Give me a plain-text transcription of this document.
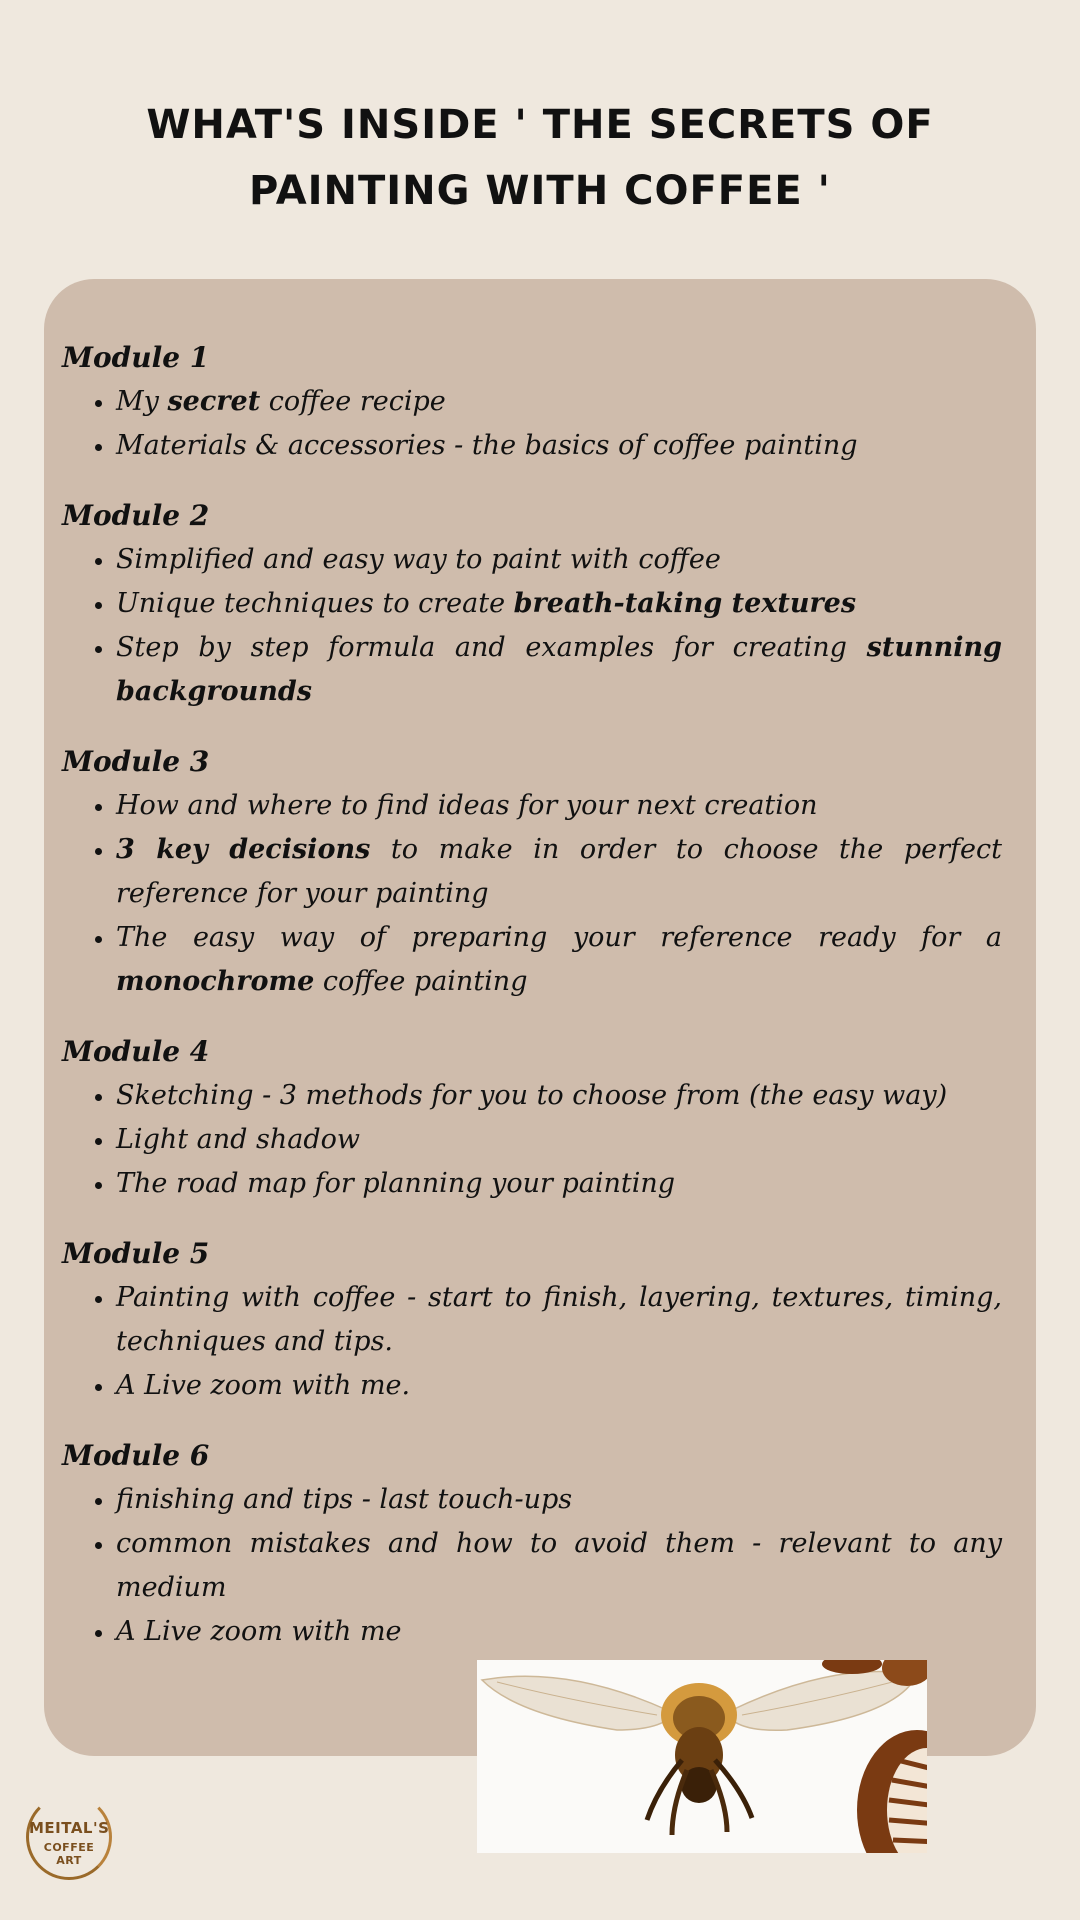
WHAT'S INSIDE ' THE SECRETS OF
PAINTING WITH COFFEE '
Module 1
• My secret coffee recipe
• Materials & accessories - the basics of coffee painting
Module 2
• Simplified and easy way to paint with coffee
• Unique techniques to create breath-taking textures
• Step by step formula and examples for creating stunning backgrounds
Module 3
• How and where to find ideas for your next creation
• 3 key decisions to make in order to choose the perfect reference for your painting
• The easy way of preparing your reference ready for a monochrome coffee painting
Module 4
• Sketching - 3 methods for you to choose from (the easy way)
• Light and shadow
• The road map for planning your painting
Module 5
• Painting with coffee - start to finish, layering, textures, timing, techniques and tips.
• A Live zoom with me.
Module 6
• finishing and tips - last touch-ups
• common mistakes and how to avoid them - relevant to any medium
• A Live zoom with me
MEITAL'S
COFFEE ART
